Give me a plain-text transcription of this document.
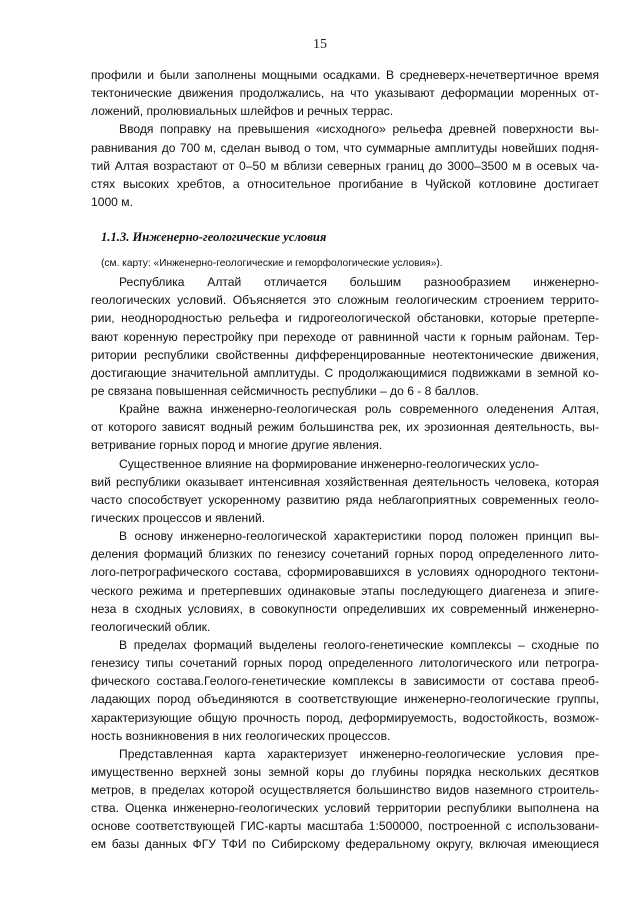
15
профили и были заполнены мощными осадками. В средневерх-нечетвертичное время
тектонические движения продолжались, на что указывают деформации моренных от-
ложений, пролювиальных шлейфов и речных террас.
Вводя поправку на превышения «исходного» рельефа древней поверхности вы-
равнивания до 700 м, сделан вывод о том, что суммарные амплитуды новейших подня-
тий Алтая возрастают от 0–50 м вблизи северных границ до 3000–3500 м в осевых ча-
стях высоких хребтов, а относительное прогибание в Чуйской котловине достигает
1000 м.
1.1.3. Инженерно-геологические условия
(см. карту: «Инженерно-геологические и геморфологические условия»).
Республика Алтай отличается большим разнообразием инженерно-
геологических условий. Объясняется это сложным геологическим строением террито-
рии, неоднородностью рельефа и гидрогеологической обстановки, которые претерпе-
вают коренную перестройку при переходе от равнинной части к горным районам. Тер-
ритории республики свойственны дифференцированные неотектонические движения,
достигающие значительной амплитуды. С продолжающимися подвижками в земной ко-
ре связана повышенная сейсмичность республики – до 6 - 8 баллов.
Крайне важна инженерно-геологическая роль современного оледенения Алтая,
от которого зависят водный режим большинства рек, их эрозионная деятельность, вы-
ветривание горных пород и многие другие явления.
Существенное влияние на формирование инженерно-геологических усло-
вий республики оказывает интенсивная хозяйственная деятельность человека, которая
часто способствует ускоренному развитию ряда неблагоприятных современных геоло-
гических процессов и явлений.
В основу инженерно-геологической характеристики пород положен принцип вы-
деления формаций близких по генезису сочетаний горных пород определенного лито-
лого-петрографического состава, сформировавшихся в условиях однородного тектони-
ческого режима и претерпевших одинаковые этапы последующего диагенеза и эпиге-
неза в сходных условиях, в совокупности определивших их современный инженерно-
геологический облик.
В пределах формаций выделены геолого-генетические комплексы – сходные по
генезису типы сочетаний горных пород определенного литологического или петрогра-
фического состава.Геолого-генетические комплексы в зависимости от состава преоб-
ладающих пород объединяются в соответствующие инженерно-геологические группы,
характеризующие общую прочность пород, деформируемость, водостойкость, возмож-
ность возникновения в них геологических процессов.
Представленная карта характеризует инженерно-геологические условия пре-
имущественно верхней зоны земной коры до глубины порядка нескольких десятков
метров, в пределах которой осуществляется большинство видов наземного строитель-
ства. Оценка инженерно-геологических условий территории республики выполнена на
основе соответствующей ГИС-карты масштаба 1:500000, построенной с использовани-
ем базы данных ФГУ ТФИ по Сибирскому федеральному округу, включая имеющиеся
